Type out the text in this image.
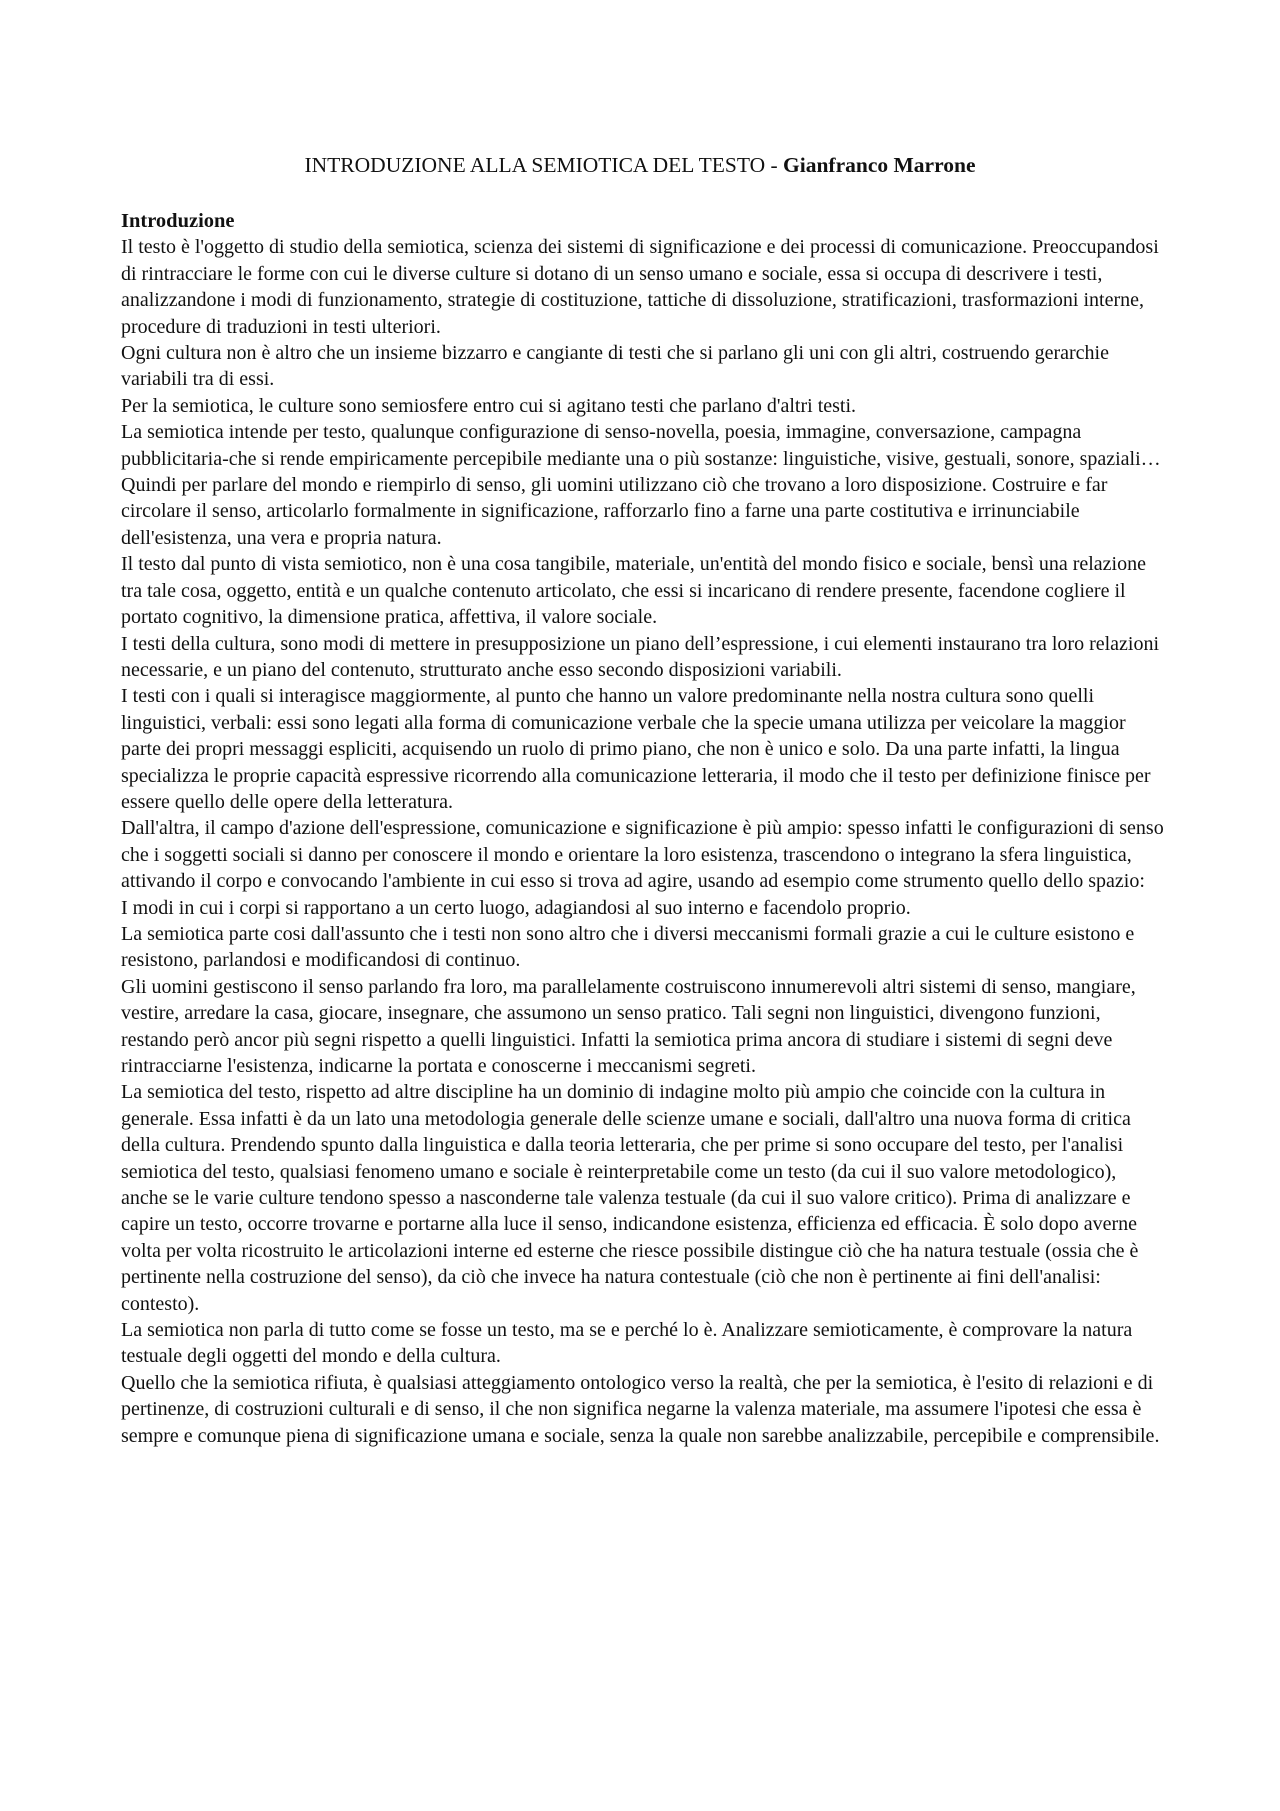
INTRODUZIONE ALLA SEMIOTICA DEL TESTO - Gianfranco Marrone

Introduzione

Il testo è l'oggetto di studio della semiotica, scienza dei sistemi di significazione e dei processi di comunicazione. Preoccupandosi di rintracciare le forme con cui le diverse culture si dotano di un senso umano e sociale, essa si occupa di descrivere i testi, analizzandone i modi di funzionamento, strategie di costituzione, tattiche di dissoluzione, stratificazioni, trasformazioni interne, procedure di traduzioni in testi ulteriori.

Ogni cultura non è altro che un insieme bizzarro e cangiante di testi che si parlano gli uni con gli altri, costruendo gerarchie variabili tra di essi.

Per la semiotica, le culture sono semiosfere entro cui si agitano testi che parlano d'altri testi.

La semiotica intende per testo, qualunque configurazione di senso-novella, poesia, immagine, conversazione, campagna pubblicitaria-che si rende empiricamente percepibile mediante una o più sostanze: linguistiche, visive, gestuali, sonore, spaziali…

Quindi per parlare del mondo e riempirlo di senso, gli uomini utilizzano ciò che trovano a loro disposizione. Costruire e far circolare il senso, articolarlo formalmente in significazione, rafforzarlo fino a farne una parte costitutiva e irrinunciabile dell'esistenza, una vera e propria natura.

Il testo dal punto di vista semiotico, non è una cosa tangibile, materiale, un'entità del mondo fisico e sociale, bensì una relazione tra tale cosa, oggetto, entità e un qualche contenuto articolato, che essi si incaricano di rendere presente, facendone cogliere il portato cognitivo, la dimensione pratica, affettiva, il valore sociale.

I testi della cultura, sono modi di mettere in presupposizione un piano dell’espressione, i cui elementi instaurano tra loro relazioni necessarie, e un piano del contenuto, strutturato anche esso secondo disposizioni variabili.

I testi con i quali si interagisce maggiormente, al punto che hanno un valore predominante nella nostra cultura sono quelli linguistici, verbali: essi sono legati alla forma di comunicazione verbale che la specie umana utilizza per veicolare la maggior parte dei propri messaggi espliciti, acquisendo un ruolo di primo piano, che non è unico e solo. Da una parte infatti, la lingua specializza le proprie capacità espressive ricorrendo alla comunicazione letteraria, il modo che il testo per definizione finisce per essere quello delle opere della letteratura.

Dall'altra, il campo d'azione dell'espressione, comunicazione e significazione è più ampio: spesso infatti le configurazioni di senso che i soggetti sociali si danno per conoscere il mondo e orientare la loro esistenza, trascendono o integrano la sfera linguistica, attivando il corpo e convocando l'ambiente in cui esso si trova ad agire, usando ad esempio come strumento quello dello spazio:

I modi in cui i corpi si rapportano a un certo luogo, adagiandosi al suo interno e facendolo proprio.

La semiotica parte cosi dall'assunto che i testi non sono altro che i diversi meccanismi formali grazie a cui le culture esistono e resistono, parlandosi e modificandosi di continuo.

Gli uomini gestiscono il senso parlando fra loro, ma parallelamente costruiscono innumerevoli altri sistemi di senso, mangiare, vestire, arredare la casa, giocare, insegnare, che assumono un senso pratico. Tali segni non linguistici, divengono funzioni, restando però ancor più segni rispetto a quelli linguistici. Infatti la semiotica prima ancora di studiare i sistemi di segni deve rintracciarne l'esistenza, indicarne la portata e conoscerne i meccanismi segreti.

La semiotica del testo, rispetto ad altre discipline ha un dominio di indagine molto più ampio che coincide con la cultura in generale. Essa infatti è da un lato una metodologia generale delle scienze umane e sociali, dall'altro una nuova forma di critica della cultura. Prendendo spunto dalla linguistica e dalla teoria letteraria, che per prime si sono occupare del testo, per l'analisi semiotica del testo, qualsiasi fenomeno umano e sociale è reinterpretabile come un testo (da cui il suo valore metodologico), anche se le varie culture tendono spesso a nasconderne tale valenza testuale (da cui il suo valore critico). Prima di analizzare e capire un testo, occorre trovarne e portarne alla luce il senso, indicandone esistenza, efficienza ed efficacia. È solo dopo averne volta per volta ricostruito le articolazioni interne ed esterne che riesce possibile distingue ciò che ha natura testuale (ossia che è pertinente nella costruzione del senso), da ciò che invece ha natura contestuale (ciò che non è pertinente ai fini dell'analisi: contesto).

La semiotica non parla di tutto come se fosse un testo, ma se e perché lo è. Analizzare semioticamente, è comprovare la natura testuale degli oggetti del mondo e della cultura.

Quello che la semiotica rifiuta, è qualsiasi atteggiamento ontologico verso la realtà, che per la semiotica, è l'esito di relazioni e di pertinenze, di costruzioni culturali e di senso, il che non significa negarne la valenza materiale, ma assumere l'ipotesi che essa è sempre e comunque piena di significazione umana e sociale, senza la quale non sarebbe analizzabile, percepibile e comprensibile.
